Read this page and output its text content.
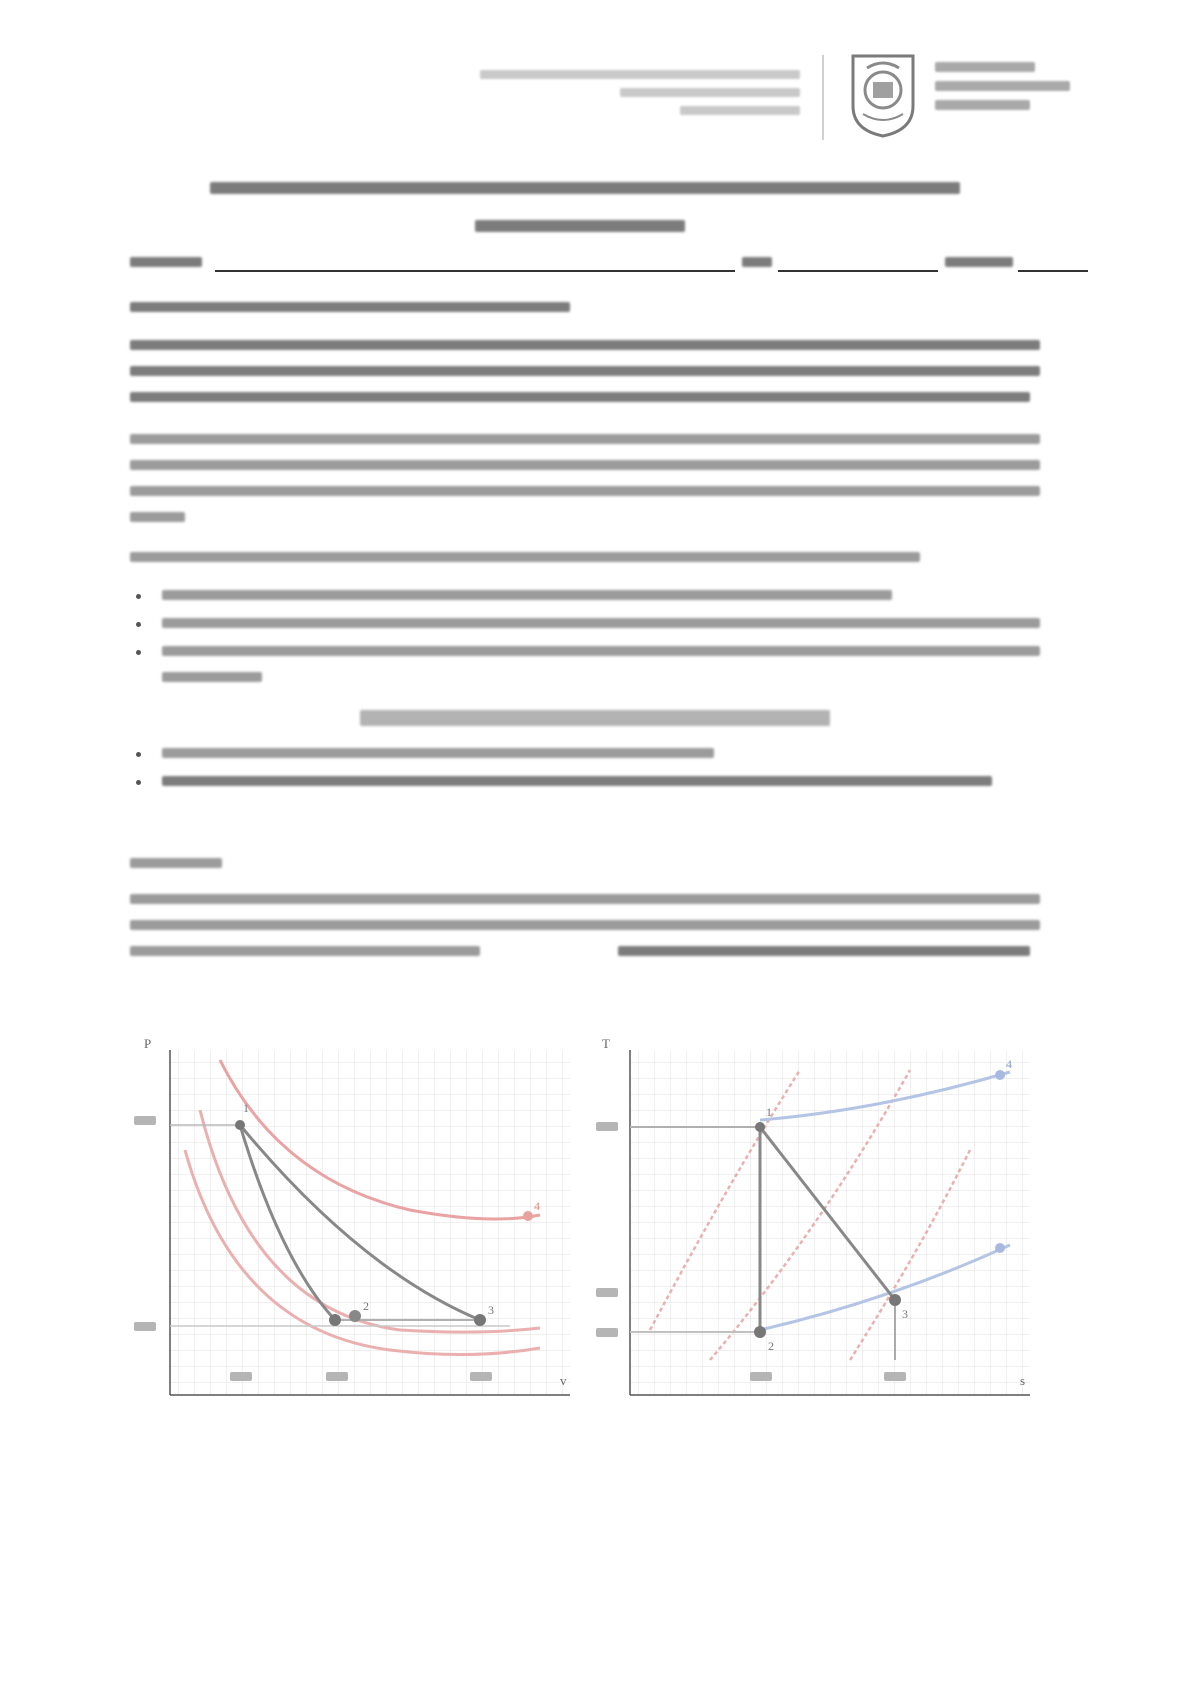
P
v
1
2	3
4
T
s
1
2
3
4
